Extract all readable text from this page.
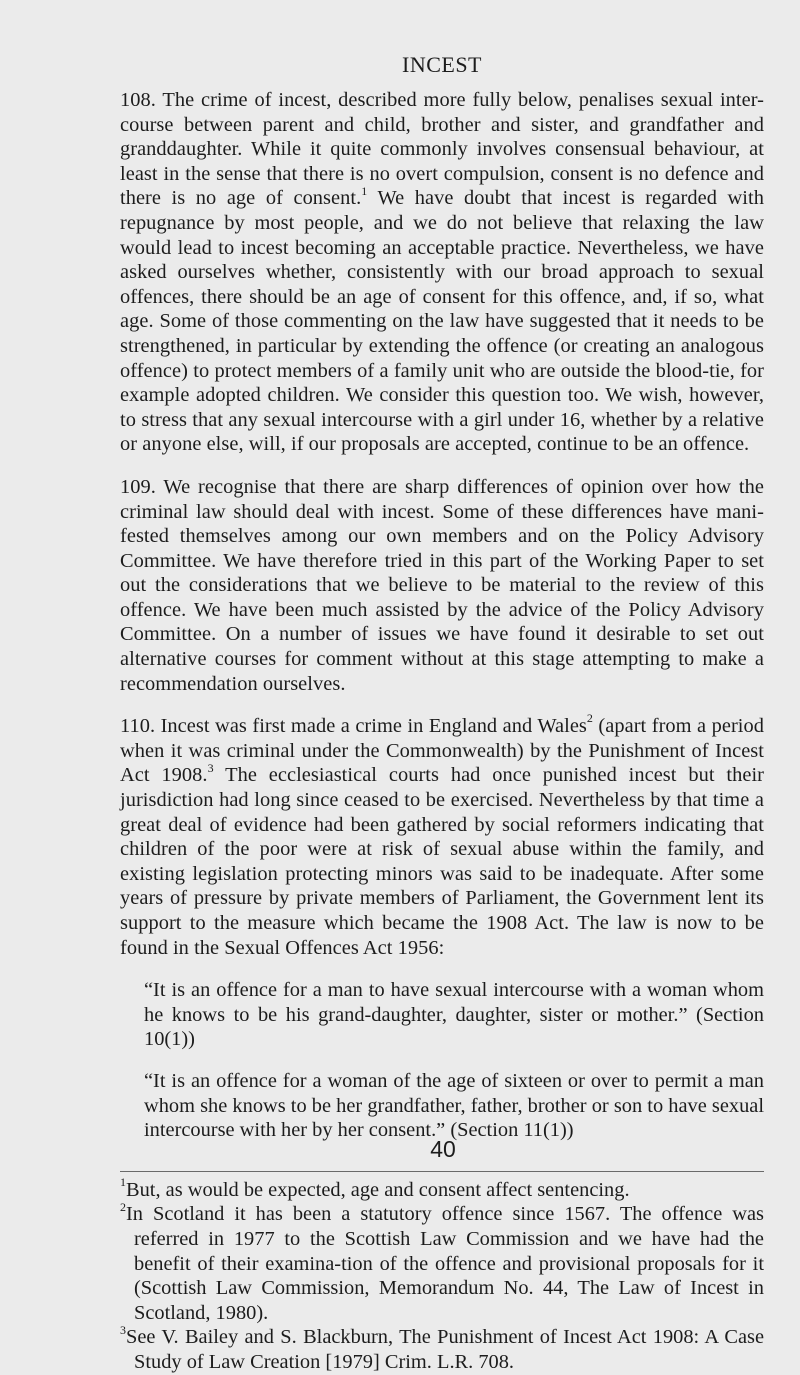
INCEST

108. The crime of incest, described more fully below, penalises sexual inter-course between parent and child, brother and sister, and grandfather and granddaughter. While it quite commonly involves consensual behaviour, at least in the sense that there is no overt compulsion, consent is no defence and there is no age of consent.$^1$ We have doubt that incest is regarded with repugnance by most people, and we do not believe that relaxing the law would lead to incest becoming an acceptable practice. Nevertheless, we have asked ourselves whether, consistently with our broad approach to sexual offences, there should be an age of consent for this offence, and, if so, what age. Some of those commenting on the law have suggested that it needs to be strengthened, in particular by extending the offence (or creating an analogous offence) to protect members of a family unit who are outside the blood-tie, for example adopted children. We consider this question too. We wish, however, to stress that any sexual intercourse with a girl under 16, whether by a relative or anyone else, will, if our proposals are accepted, continue to be an offence.

109. We recognise that there are sharp differences of opinion over how the criminal law should deal with incest. Some of these differences have mani-fested themselves among our own members and on the Policy Advisory Committee. We have therefore tried in this part of the Working Paper to set out the considerations that we believe to be material to the review of this offence. We have been much assisted by the advice of the Policy Advisory Committee. On a number of issues we have found it desirable to set out alternative courses for comment without at this stage attempting to make a recommendation ourselves.

110. Incest was first made a crime in England and Wales$^2$ (apart from a period when it was criminal under the Commonwealth) by the Punishment of Incest Act 1908.$^3$ The ecclesiastical courts had once punished incest but their jurisdiction had long since ceased to be exercised. Nevertheless by that time a great deal of evidence had been gathered by social reformers indicating that children of the poor were at risk of sexual abuse within the family, and existing legislation protecting minors was said to be inadequate. After some years of pressure by private members of Parliament, the Government lent its support to the measure which became the 1908 Act. The law is now to be found in the Sexual Offences Act 1956:

“It is an offence for a man to have sexual intercourse with a woman whom he knows to be his grand-daughter, daughter, sister or mother.” (Section 10(1))

“It is an offence for a woman of the age of sixteen or over to permit a man whom she knows to be her grandfather, father, brother or son to have sexual intercourse with her by her consent.” (Section 11(1))

$^1$But, as would be expected, age and consent affect sentencing.

$^2$In Scotland it has been a statutory offence since 1567. The offence was referred in 1977 to the Scottish Law Commission and we have had the benefit of their examina-tion of the offence and provisional proposals for it (Scottish Law Commission, Memorandum No. 44, The Law of Incest in Scotland, 1980).

$^3$See V. Bailey and S. Blackburn, The Punishment of Incest Act 1908: A Case Study of Law Creation [1979] Crim. L.R. 708.

40
